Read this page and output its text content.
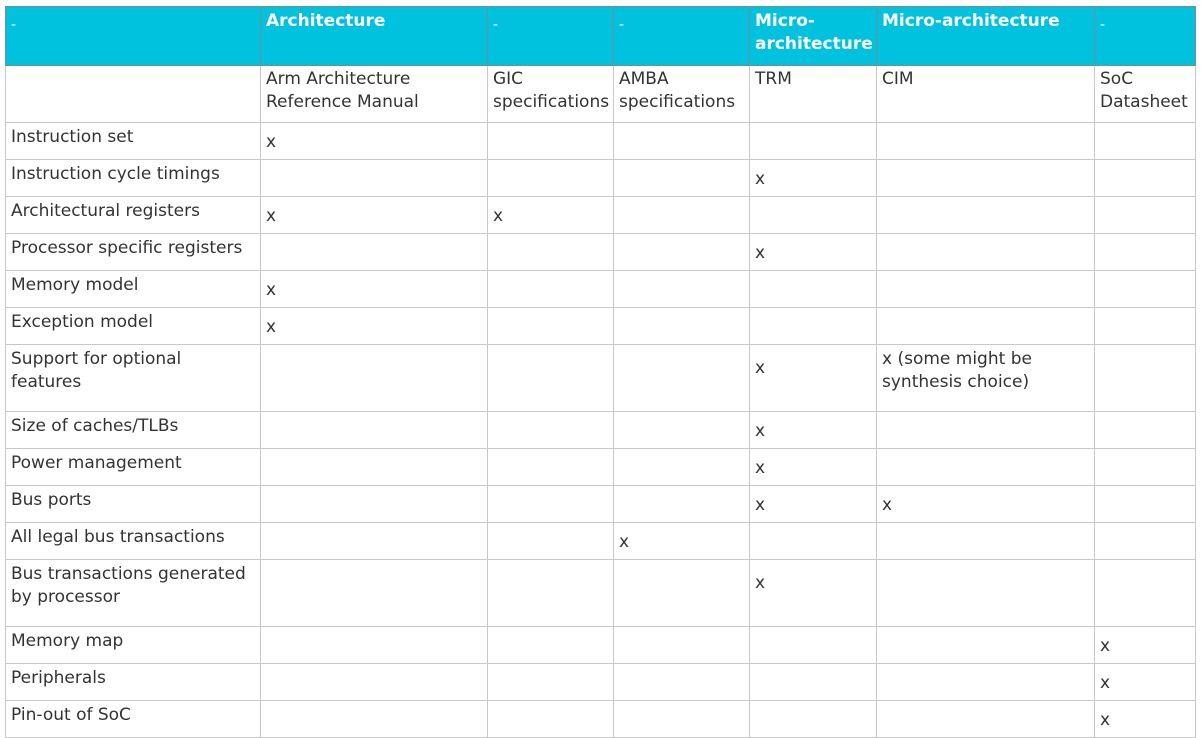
-	Architecture	-	-	Micro-architecture	Micro-architecture	-
	Arm Architecture Reference Manual	GIC specifications	AMBA specifications	TRM	CIM	SoC Datasheet
Instruction set	x					
Instruction cycle timings				x		
Architectural registers	x	x				
Processor specific registers				x		
Memory model	x					
Exception model	x					
Support for optional features				x	x (some might be synthesis choice)	
Size of caches/TLBs				x		
Power management				x		
Bus ports				x	x	
All legal bus transactions			x			
Bus transactions generated by processor				x		
Memory map						x
Peripherals						x
Pin-out of SoC						x
